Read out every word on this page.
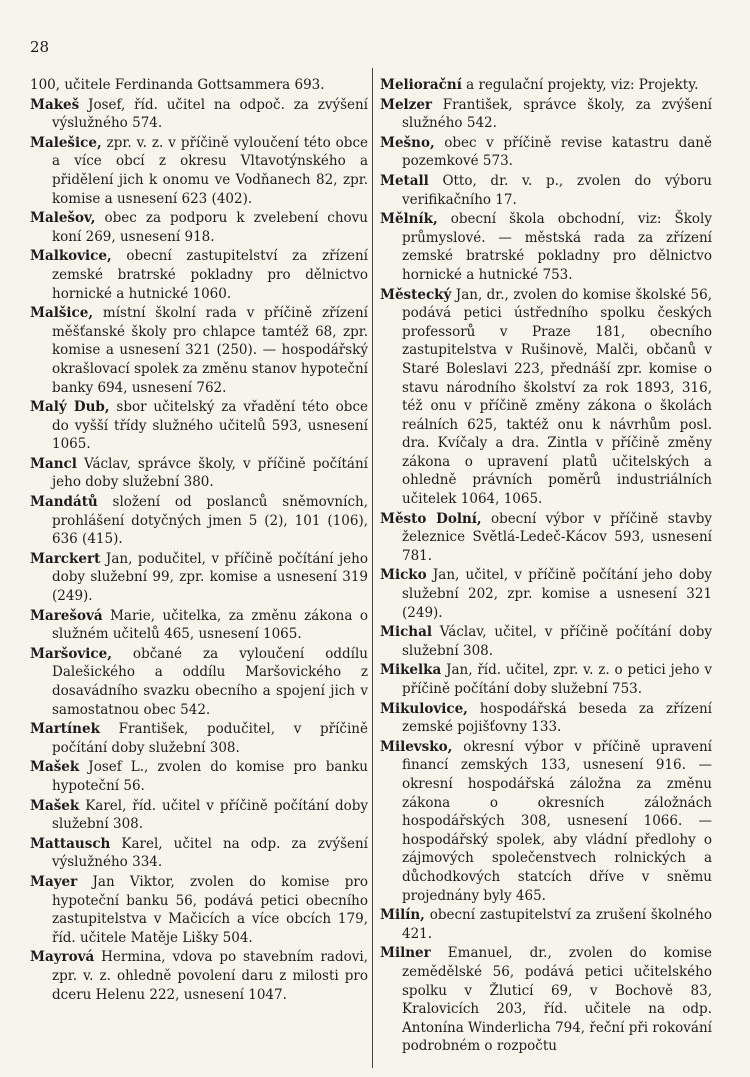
28

100, učitele Ferdinanda Gottsammera 693.

Makeš Josef, říd. učitel na odpoč. za zvýšení výslužného 574.

Malešice, zpr. v. z. v příčině vyloučení této obce a více obcí z okresu Vltavotýnského a přidělení jich k onomu ve Vodňanech 82, zpr. komise a usnesení 623 (402).

Malešov, obec za podporu k zvelebení chovu koní 269, usnesení 918.

Malkovice, obecní zastupitelství za zřízení zemské bratrské pokladny pro dělnictvo hornické a hutnické 1060.

Malšice, místní školní rada v příčině zřízení měšťanské školy pro chlapce tamtéž 68, zpr. komise a usnesení 321 (250). — hospodářský okrašlovací spolek za změnu stanov hypoteční banky 694, usnesení 762.

Malý Dub, sbor učitelský za vřadění této obce do vyšší třídy služného učitelů 593, usnesení 1065.

Mancl Václav, správce školy, v příčině počítání jeho doby služební 380.

Mandátů složení od poslanců sněmovních, prohlášení dotyčných jmen 5 (2), 101 (106), 636 (415).

Marckert Jan, podučitel, v příčině počítání jeho doby služební 99, zpr. komise a usnesení 319 (249).

Marešová Marie, učitelka, za změnu zákona o služném učitelů 465, usnesení 1065.

Maršovice, občané za vyloučení oddílu Dalešického a oddílu Maršovického z dosavádního svazku obecního a spojení jich v samostatnou obec 542.

Martínek František, podučitel, v příčině počítání doby služební 308.

Mašek Josef L., zvolen do komise pro banku hypoteční 56.

Mašek Karel, říd. učitel v příčině počítání doby služební 308.

Mattausch Karel, učitel na odp. za zvýšení výslužného 334.

Mayer Jan Viktor, zvolen do komise pro hypoteční banku 56, podává petici obecního zastupitelstva v Mačicích a více obcích 179, říd. učitele Matěje Lišky 504.

Mayrová Hermina, vdova po stavebním radovi, zpr. v. z. ohledně povolení daru z milosti pro dceru Helenu 222, usnesení 1047.

Meliorační a regulační projekty, viz: Projekty.

Melzer František, správce školy, za zvýšení služného 542.

Mešno, obec v příčině revise katastru daně pozemkové 573.

Metall Otto, dr. v. p., zvolen do výboru verifikačního 17.

Mělník, obecní škola obchodní, viz: Školy průmyslové. — městská rada za zřízení zemské bratrské pokladny pro dělnictvo hornické a hutnické 753.

Městecký Jan, dr., zvolen do komise školské 56, podává petici ústředního spolku českých professorů v Praze 181, obecního zastupitelstva v Rušinově, Malči, občanů v Staré Boleslavi 223, přednáší zpr. komise o stavu národního školství za rok 1893, 316, též onu v příčině změny zákona o školách reálních 625, taktéž onu k návrhům posl. dra. Kvíčaly a dra. Zintla v příčině změny zákona o upravení platů učitelských a ohledně právních poměrů industriálních učitelek 1064, 1065.

Město Dolní, obecní výbor v příčině stavby železnice Světlá-Ledeč-Kácov 593, usnesení 781.

Micko Jan, učitel, v příčině počítání jeho doby služební 202, zpr. komise a usnesení 321 (249).

Michal Václav, učitel, v příčině počítání doby služební 308.

Mikelka Jan, říd. učitel, zpr. v. z. o petici jeho v příčině počítání doby služební 753.

Mikulovice, hospodářská beseda za zřízení zemské pojišťovny 133.

Milevsko, okresní výbor v příčině upravení financí zemských 133, usnesení 916. — okresní hospodářská záložna za změnu zákona o okresních záložnách hospodářských 308, usnesení 1066. — hospodářský spolek, aby vládní předlohy o zájmových společenstvech rolnických a důchodkových statcích dříve v sněmu projednány byly 465.

Milín, obecní zastupitelství za zrušení školného 421.

Milner Emanuel, dr., zvolen do komise zemědělské 56, podává petici učitelského spolku v Žluticí 69, v Bochově 83, Kralovicích 203, říd. učitele na odp. Antonína Winderlicha 794, řeční při rokování podrobném o rozpočtu
